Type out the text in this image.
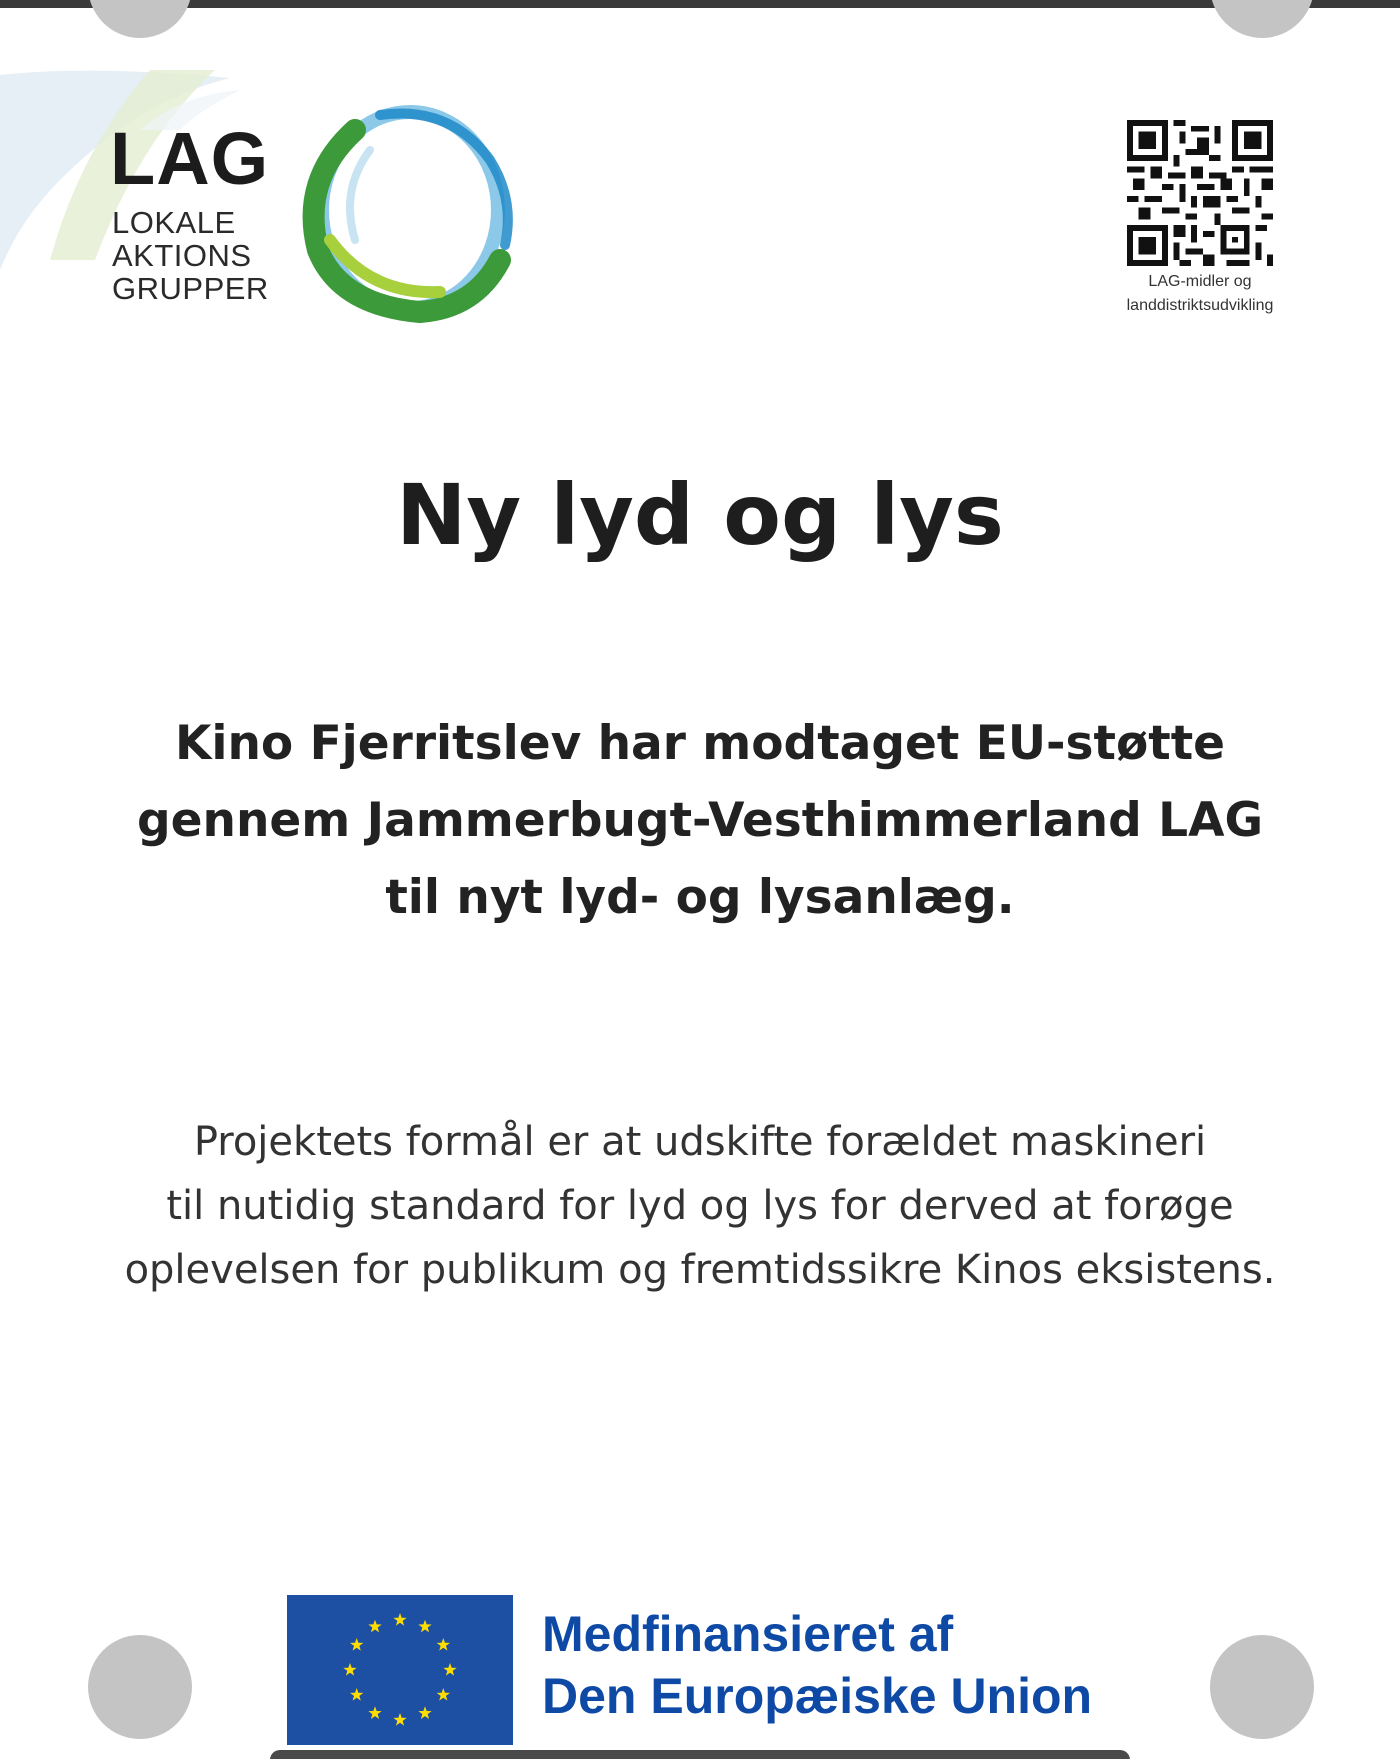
LAG
LOKALE
AKTIONS
GRUPPER	LAG-midler og
landdistriktsudvikling
Ny lyd og lys
Kino Fjerritslev har modtaget EU-støtte
gennem Jammerbugt-Vesthimmerland LAG
til nyt lyd- og lysanlæg.
Projektets formål er at udskifte forældet maskineri
til nutidig standard for lyd og lys for derved at forøge
oplevelsen for publikum og fremtidssikre Kinos eksistens.
Medfinansieret af
Den Europæiske Union
